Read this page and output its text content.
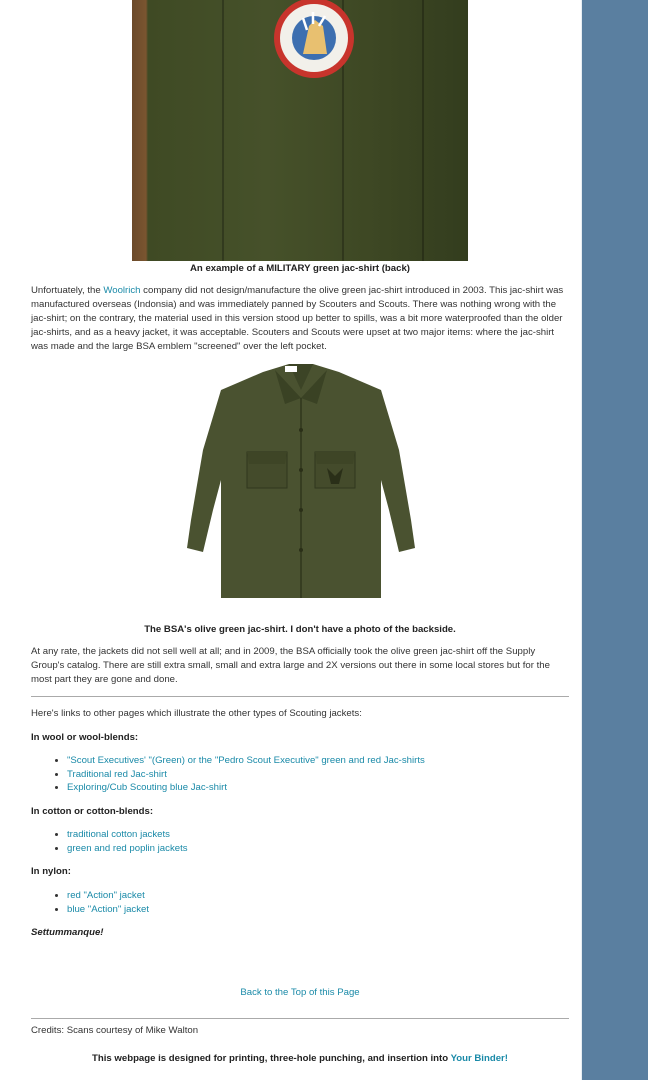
An example of a MILITARY green jac-shirt (back)

Unfortuately, the Woolrich company did not design/manufacture the olive green jac-shirt introduced in 2003. This jac-shirt was manufactured overseas (Indonsia) and was immediately panned by Scouters and Scouts. There was nothing wrong with the jac-shirt; on the contrary, the material used in this version stood up better to spills, was a bit more waterproofed than the older jac-shirts, and as a heavy jacket, it was acceptable. Scouters and Scouts were upset at two major items: where the jac-shirt was made and the large BSA emblem "screened" over the left pocket.

The BSA's olive green jac-shirt. I don't have a photo of the backside.

At any rate, the jackets did not sell well at all; and in 2009, the BSA officially took the olive green jac-shirt off the Supply Group's catalog. There are still extra small, small and extra large and 2X versions out there in some local stores but for the most part they are gone and done.

Here's links to other pages which illustrate the other types of Scouting jackets:

In wool or wool-blends:
• "Scout Executives' "(Green) or the "Pedro Scout Executive" green and red Jac-shirts
• Traditional red Jac-shirt
• Exploring/Cub Scouting blue Jac-shirt
In cotton or cotton-blends:
• traditional cotton jackets
• green and red poplin jackets
In nylon:
• red "Action" jacket
• blue "Action" jacket
Settummanque!
Back to the Top of this Page
Credits: Scans courtesy of Mike Walton
This webpage is designed for printing, three-hole punching, and insertion into Your Binder!
